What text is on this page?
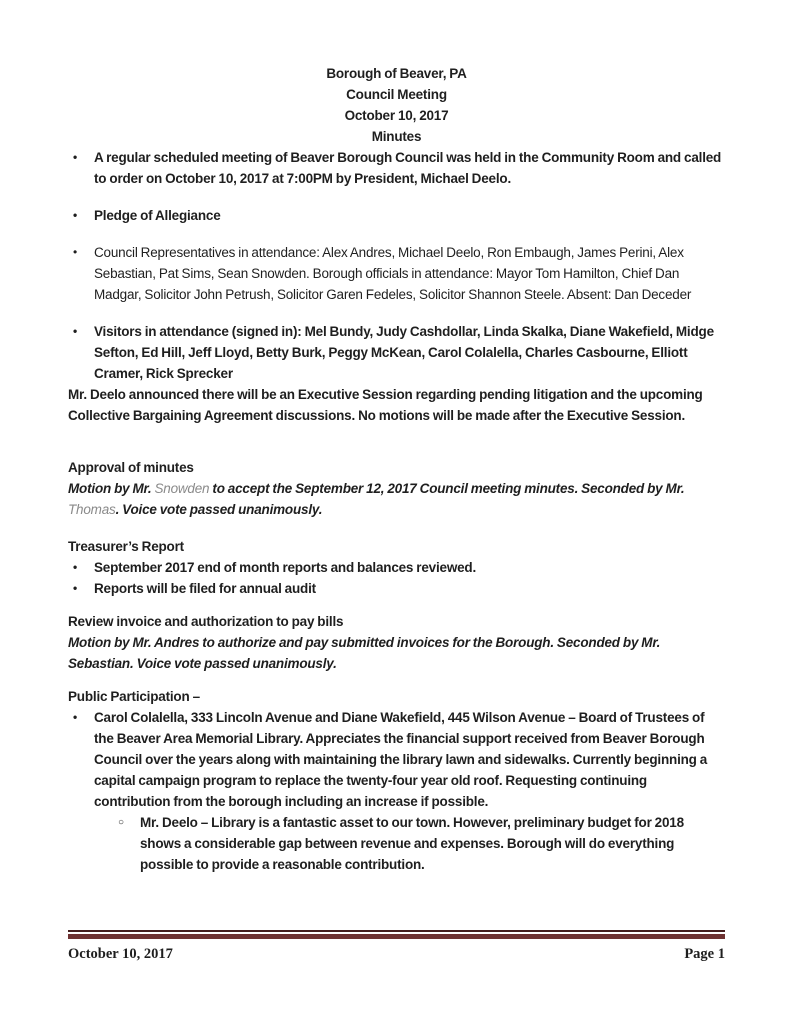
Borough of Beaver, PA
Council Meeting
October 10, 2017
Minutes
•	A regular scheduled meeting of Beaver Borough Council was held in the Community Room and called to order on October 10, 2017 at 7:00PM by President, Michael Deelo.
•	Pledge of Allegiance
•	Council Representatives in attendance: Alex Andres, Michael Deelo, Ron Embaugh, James Perini, Alex Sebastian, Pat Sims, Sean Snowden. Borough officials in attendance: Mayor Tom Hamilton, Chief Dan Madgar, Solicitor John Petrush, Solicitor Garen Fedeles, Solicitor Shannon Steele. Absent: Dan Deceder
•	Visitors in attendance (signed in): Mel Bundy, Judy Cashdollar, Linda Skalka, Diane Wakefield, Midge Sefton, Ed Hill, Jeff Lloyd, Betty Burk, Peggy McKean, Carol Colalella, Charles Casbourne, Elliott Cramer, Rick Sprecker

Mr. Deelo announced there will be an Executive Session regarding pending litigation and the upcoming Collective Bargaining Agreement discussions. No motions will be made after the Executive Session.

Approval of minutes
Motion by Mr. Snowden to accept the September 12, 2017 Council meeting minutes. Seconded by Mr. Thomas. Voice vote passed unanimously.
Treasurer’s Report
•	September 2017 end of month reports and balances reviewed.
•	Reports will be filed for annual audit
Review invoice and authorization to pay bills
Motion by Mr. Andres to authorize and pay submitted invoices for the Borough. Seconded by Mr. Sebastian. Voice vote passed unanimously.
Public Participation –
•	Carol Colalella, 333 Lincoln Avenue and Diane Wakefield, 445 Wilson Avenue – Board of Trustees of the Beaver Area Memorial Library. Appreciates the financial support received from Beaver Borough Council over the years along with maintaining the library lawn and sidewalks. Currently beginning a capital campaign program to replace the twenty-four year old roof. Requesting continuing contribution from the borough including an increase if possible.
○	Mr. Deelo – Library is a fantastic asset to our town. However, preliminary budget for 2018 shows a considerable gap between revenue and expenses. Borough will do everything possible to provide a reasonable contribution.
October 10, 2017	Page 1
